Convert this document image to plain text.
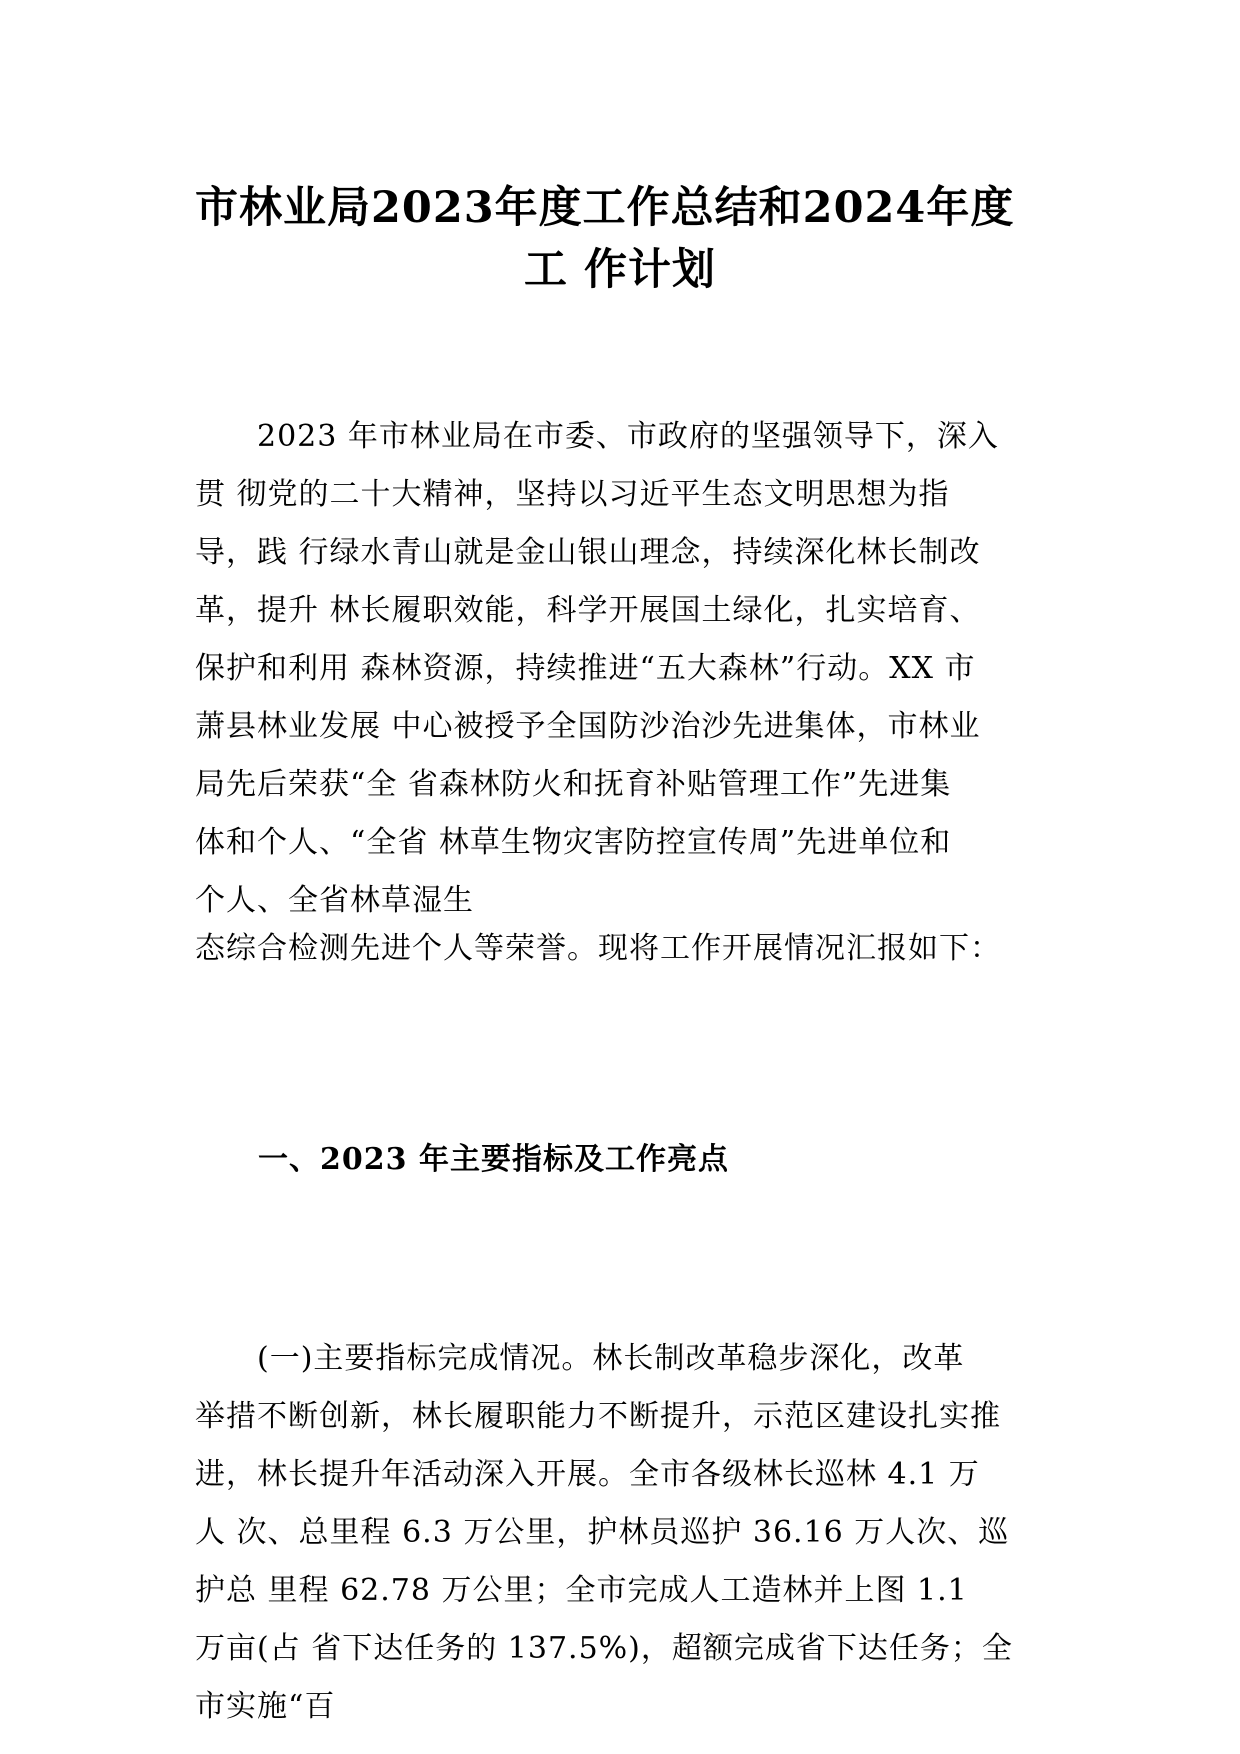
市林业局2023年度工作总结和2024年度
工 作计划
　　2023 年市林业局在市委、市政府的坚强领导下，深入
贯 彻党的二十大精神，坚持以习近平生态文明思想为指
导，践 行绿水青山就是金山银山理念，持续深化林长制改
革，提升 林长履职效能，科学开展国土绿化，扎实培育、
保护和利用 森林资源，持续推进“五大森林”行动。XX 市
萧县林业发展 中心被授予全国防沙治沙先进集体，市林业
局先后荣获“全 省森林防火和抚育补贴管理工作”先进集
体和个人、“全省 林草生物灾害防控宣传周”先进单位和
个人、全省林草湿生
态综合检测先进个人等荣誉。现将工作开展情况汇报如下：
一、2023 年主要指标及工作亮点
　　(一)主要指标完成情况。林长制改革稳步深化，改革
举措不断创新，林长履职能力不断提升，示范区建设扎实推
进，林长提升年活动深入开展。全市各级林长巡林 4.1 万
人 次、总里程 6.3 万公里，护林员巡护 36.16 万人次、巡
护总 里程 62.78 万公里；全市完成人工造林并上图 1.1
万亩(占 省下达任务的 137.5%)，超额完成省下达任务；全
市实施“百
